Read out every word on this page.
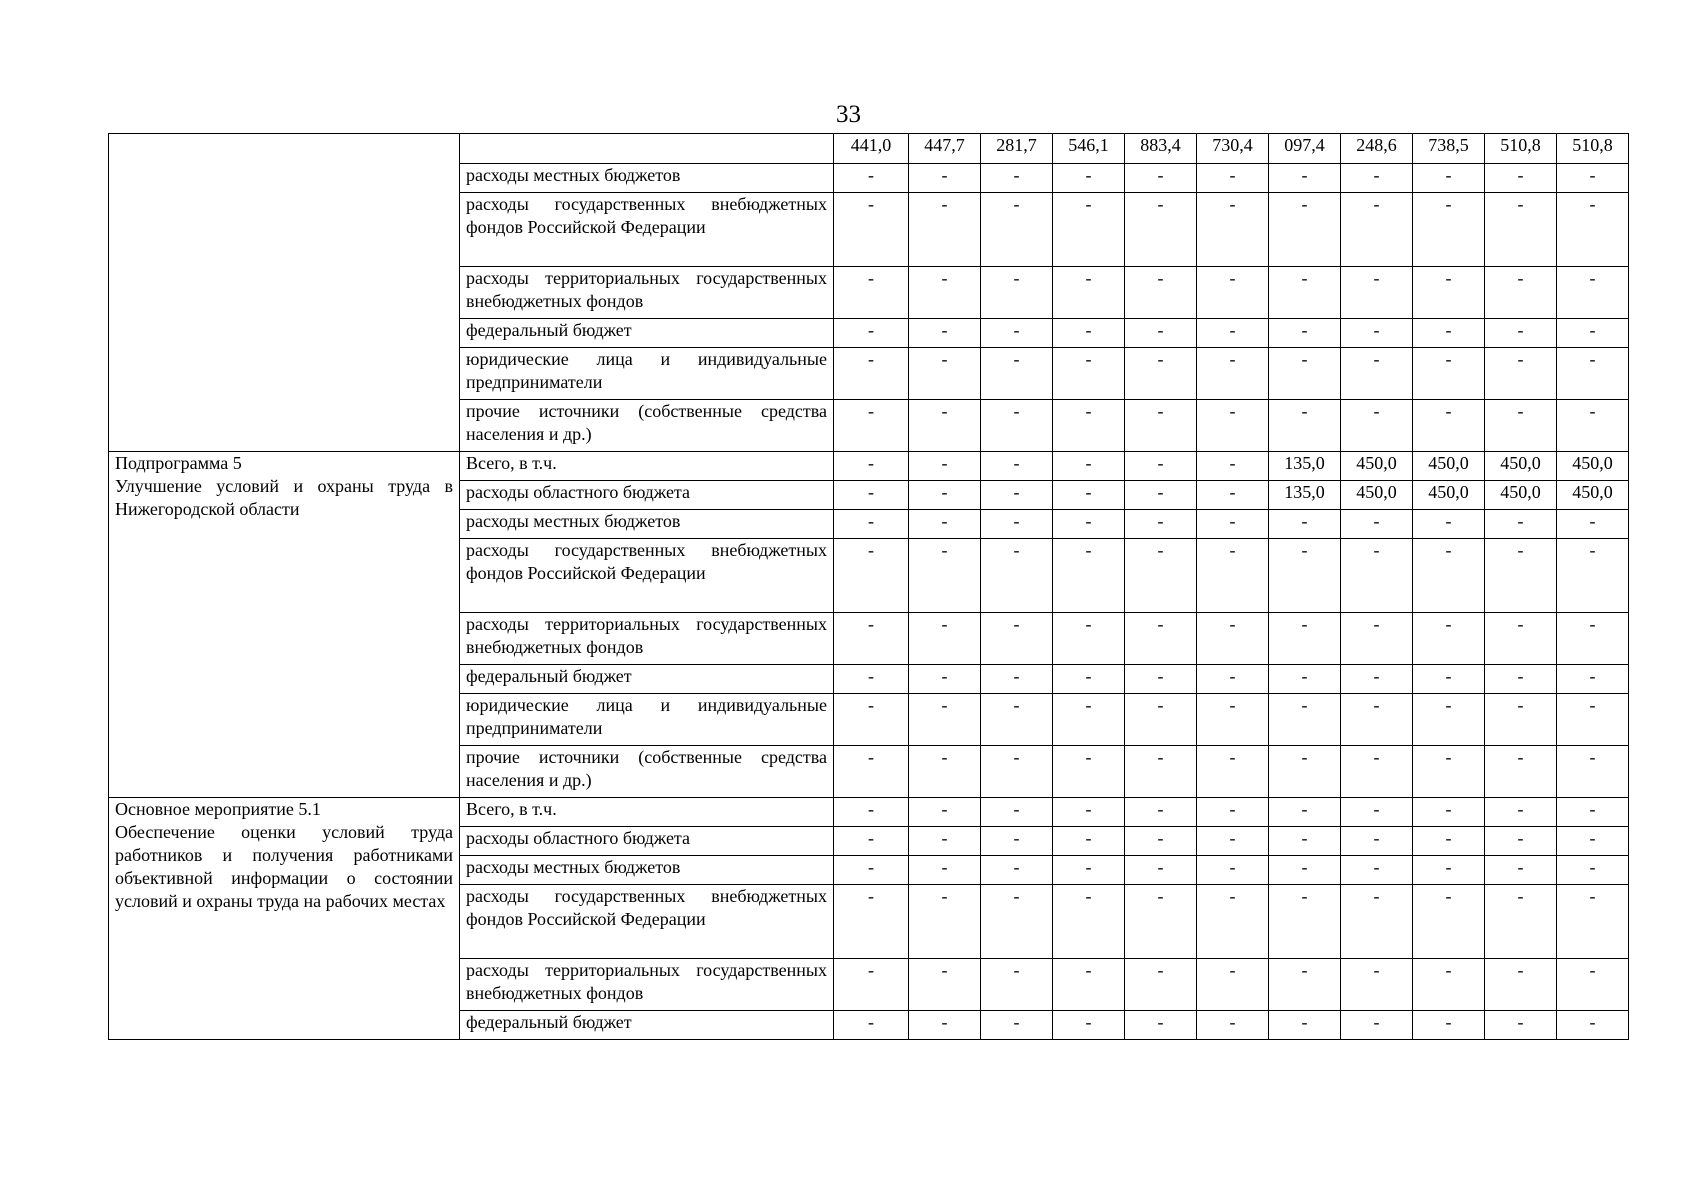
33
		441,0	447,7	281,7	546,1	883,4	730,4	097,4	248,6	738,5	510,8	510,8
	расходы местных бюджетов	-	-	-	-	-	-	-	-	-	-	-
	расходы государственных внебюджетных фондов Российской Федерации	-	-	-	-	-	-	-	-	-	-	-
	расходы территориальных государственных внебюджетных фондов	-	-	-	-	-	-	-	-	-	-	-
	федеральный бюджет	-	-	-	-	-	-	-	-	-	-	-
	юридические лица и индивидуальные предприниматели	-	-	-	-	-	-	-	-	-	-	-
	прочие источники (собственные средства населения и др.)	-	-	-	-	-	-	-	-	-	-	-

Подпрограмма 5
Улучшение условий и охраны труда в Нижегородской области	Всего, в т.ч.	-	-	-	-	-	-	135,0	450,0	450,0	450,0	450,0
	расходы областного бюджета	-	-	-	-	-	-	135,0	450,0	450,0	450,0	450,0
	расходы местных бюджетов	-	-	-	-	-	-	-	-	-	-	-
	расходы государственных внебюджетных фондов Российской Федерации	-	-	-	-	-	-	-	-	-	-	-
	расходы территориальных государственных внебюджетных фондов	-	-	-	-	-	-	-	-	-	-	-
	федеральный бюджет	-	-	-	-	-	-	-	-	-	-	-
	юридические лица и индивидуальные предприниматели	-	-	-	-	-	-	-	-	-	-	-
	прочие источники (собственные средства населения и др.)	-	-	-	-	-	-	-	-	-	-	-

Основное мероприятие 5.1
Обеспечение оценки условий труда работников и получения работниками объективной информации о состоянии условий и охраны труда на рабочих местах	Всего, в т.ч.	-	-	-	-	-	-	-	-	-	-	-
	расходы областного бюджета	-	-	-	-	-	-	-	-	-	-	-
	расходы местных бюджетов	-	-	-	-	-	-	-	-	-	-	-
	расходы государственных внебюджетных фондов Российской Федерации	-	-	-	-	-	-	-	-	-	-	-
	расходы территориальных государственных внебюджетных фондов	-	-	-	-	-	-	-	-	-	-	-
	федеральный бюджет	-	-	-	-	-	-	-	-	-	-	-
